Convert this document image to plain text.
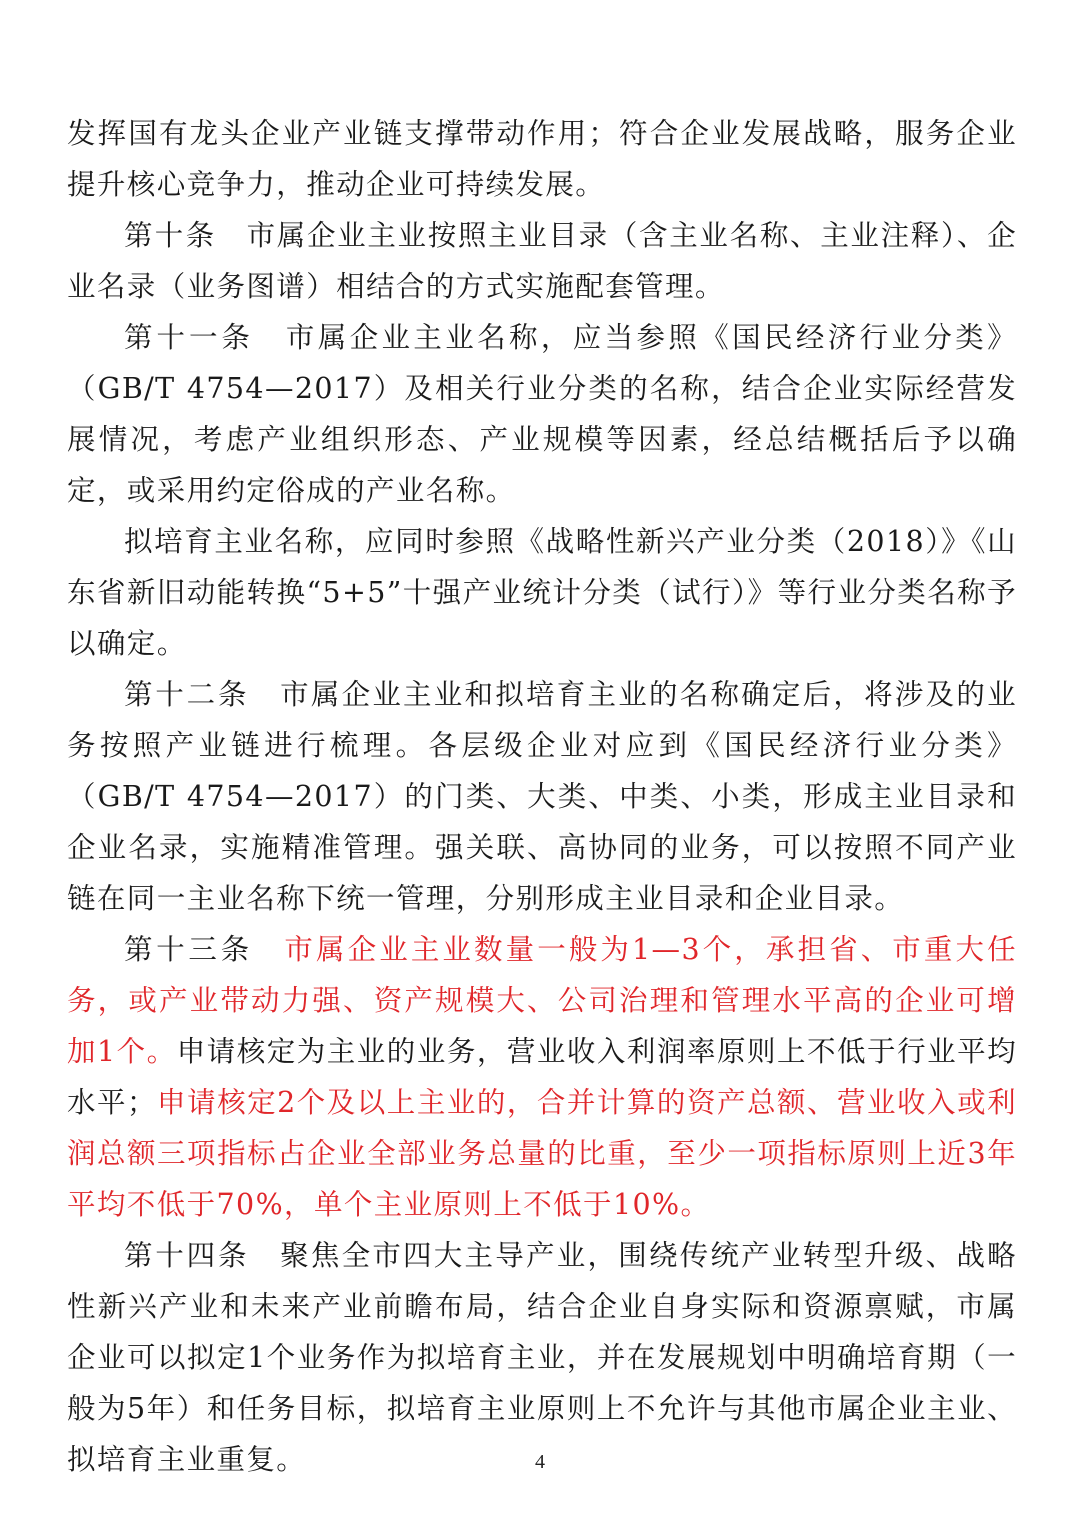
发挥国有龙头企业产业链支撑带动作用；符合企业发展战略，服务企业提升核心竞争力，推动企业可持续发展。

第十条　 市属企业主业按照主业目录（含主业名称、主业注释）、企业名录（业务图谱）相结合的方式实施配套管理。

第十一条　 市属企业主业名称，应当参照《国民经济行业分类》（GB/T 4754—2017）及相关行业分类的名称，结合企业实际经营发展情况，考虑产业组织形态、产业规模等因素，经总结概括后予以确定，或采用约定俗成的产业名称。

拟培育主业名称，应同时参照《战略性新兴产业分类（2018）》《山东省新旧动能转换“5+5”十强产业统计分类（试行）》等行业分类名称予以确定。

第十二条　 市属企业主业和拟培育主业的名称确定后，将涉及的业务按照产业链进行梳理。各层级企业对应到《国民经济行业分类》（GB/T 4754—2017）的门类、大类、中类、小类，形成主业目录和企业名录，实施精准管理。强关联、高协同的业务，可以按照不同产业链在同一主业名称下统一管理，分别形成主业目录和企业目录。

第十三条　 市属企业主业数量一般为1—3个，承担省、市重大任务，或产业带动力强、资产规模大、公司治理和管理水平高的企业可增加1个。申请核定为主业的业务，营业收入利润率原则上不低于行业平均水平；申请核定2个及以上主业的，合并计算的资产总额、营业收入或利润总额三项指标占企业全部业务总量的比重，至少一项指标原则上近3年平均不低于70%，单个主业原则上不低于10%。

第十四条　 聚焦全市四大主导产业，围绕传统产业转型升级、战略性新兴产业和未来产业前瞻布局，结合企业自身实际和资源禀赋，市属企业可以拟定1个业务作为拟培育主业，并在发展规划中明确培育期（一般为5年）和任务目标，拟培育主业原则上不允许与其他市属企业主业、拟培育主业重复。	4
